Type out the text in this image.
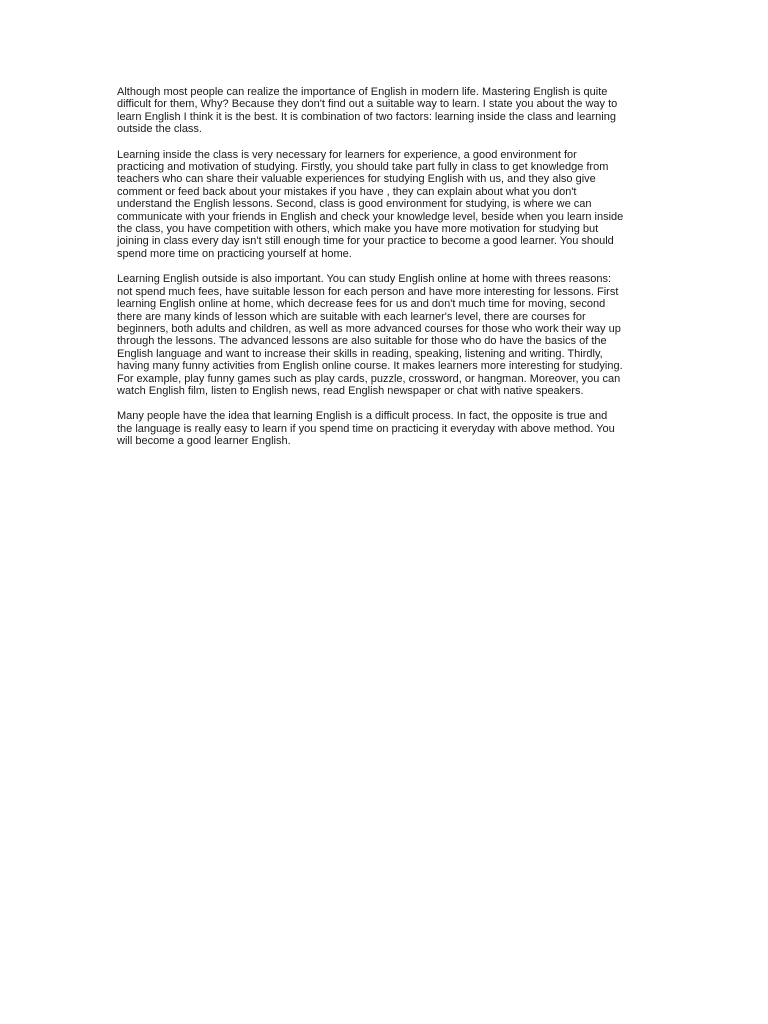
Although most people can realize the importance of English in modern life. Mastering English is quite
difficult for them, Why? Because they don't find out a suitable way to learn. I state you about the way to
learn English I think it is the best. It is combination of two factors: learning inside the class and learning
outside the class.

Learning inside the class is very necessary for learners for experience, a good environment for
practicing and motivation of studying. Firstly, you should take part fully in class to get knowledge from
teachers who can share their valuable experiences for studying English with us, and they also give
comment or feed back about your mistakes if you have , they can explain about what you don't
understand the English lessons. Second, class is good environment for studying, is where we can
communicate with your friends in English and check your knowledge level, beside when you learn inside
the class, you have competition with others, which make you have more motivation for studying but
joining in class every day isn't still enough time for your practice to become a good learner. You should
spend more time on practicing yourself at home.

Learning English outside is also important. You can study English online at home with threes reasons:
not spend much fees, have suitable lesson for each person and have more interesting for lessons. First
learning English online at home, which decrease fees for us and don't much time for moving, second
there are many kinds of lesson which are suitable with each learner's level, there are courses for
beginners, both adults and children, as well as more advanced courses for those who work their way up
through the lessons. The advanced lessons are also suitable for those who do have the basics of the
English language and want to increase their skills in reading, speaking, listening and writing. Thirdly,
having many funny activities from English online course. It makes learners more interesting for studying.
For example, play funny games such as play cards, puzzle, crossword, or hangman. Moreover, you can
watch English film, listen to English news, read English newspaper or chat with native speakers.

Many people have the idea that learning English is a difficult process. In fact, the opposite is true and
the language is really easy to learn if you spend time on practicing it everyday with above method. You
will become a good learner English.
